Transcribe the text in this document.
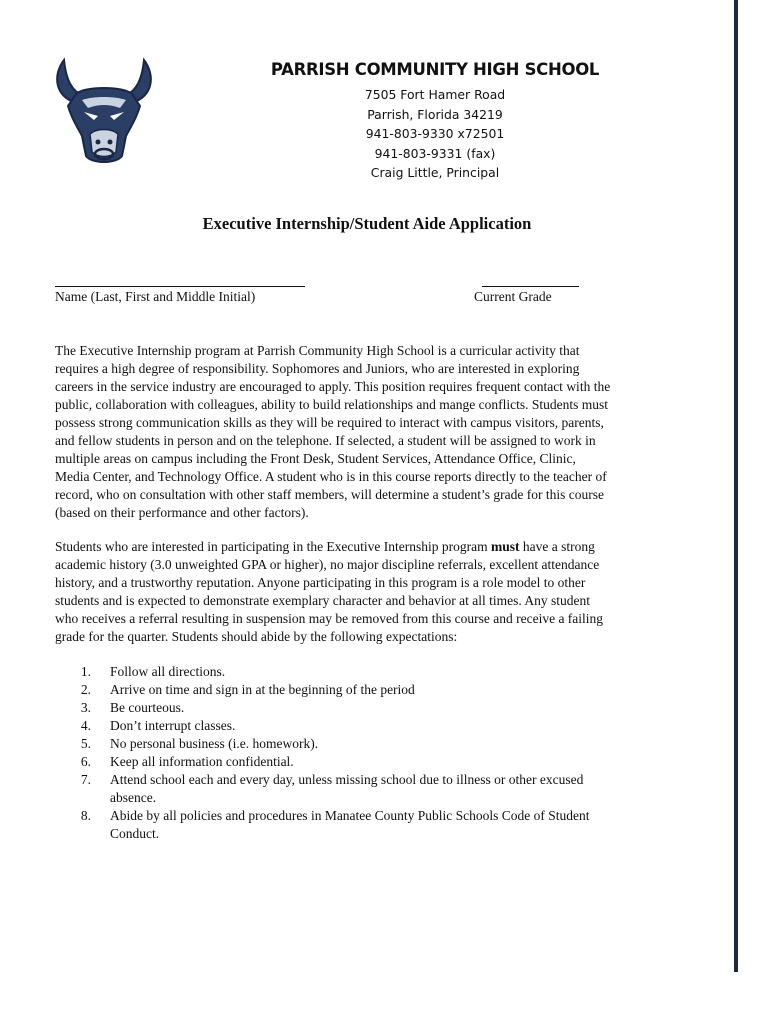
PARRISH COMMUNITY HIGH SCHOOL
7505 Fort Hamer Road
Parrish, Florida 34219
941-803-9330 x72501
941-803-9331 (fax)
Craig Little, Principal
Executive Internship/Student Aide Application
Name (Last, First and Middle Initial)	Current Grade
The Executive Internship program at Parrish Community High School is a curricular activity that
requires a high degree of responsibility. Sophomores and Juniors, who are interested in exploring
careers in the service industry are encouraged to apply. This position requires frequent contact with the
public, collaboration with colleagues, ability to build relationships and mange conflicts. Students must
possess strong communication skills as they will be required to interact with campus visitors, parents,
and fellow students in person and on the telephone. If selected, a student will be assigned to work in
multiple areas on campus including the Front Desk, Student Services, Attendance Office, Clinic,
Media Center, and Technology Office. A student who is in this course reports directly to the teacher of
record, who on consultation with other staff members, will determine a student’s grade for this course
(based on their performance and other factors).
Students who are interested in participating in the Executive Internship program must have a strong
academic history (3.0 unweighted GPA or higher), no major discipline referrals, excellent attendance
history, and a trustworthy reputation. Anyone participating in this program is a role model to other
students and is expected to demonstrate exemplary character and behavior at all times. Any student
who receives a referral resulting in suspension may be removed from this course and receive a failing
grade for the quarter. Students should abide by the following expectations:
1. Follow all directions.
2. Arrive on time and sign in at the beginning of the period
3. Be courteous.
4. Don’t interrupt classes.
5. No personal business (i.e. homework).
6. Keep all information confidential.
7. Attend school each and every day, unless missing school due to illness or other excused
absence.
8. Abide by all policies and procedures in Manatee County Public Schools Code of Student
Conduct.
